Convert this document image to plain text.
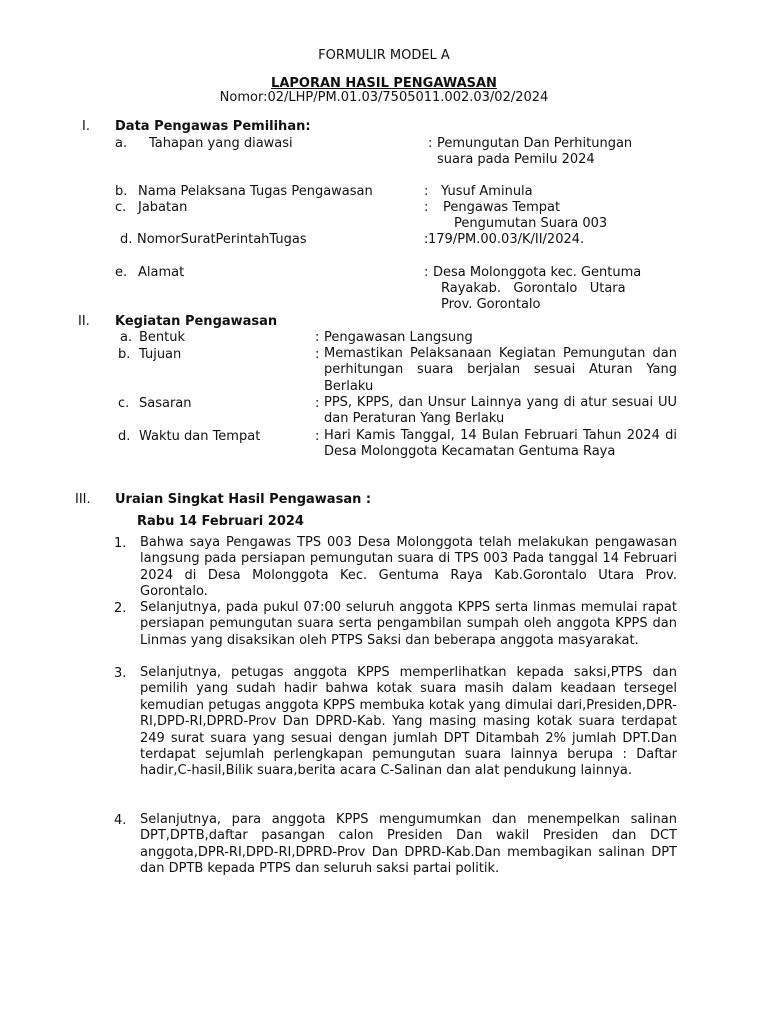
FORMULIR MODEL A
LAPORAN HASIL PENGAWASAN
Nomor:02/LHP/PM.01.03/7505011.002.03/02/2024
I. Data Pengawas Pemilihan:
a. Tahapan yang diawasi	: Pemungutan Dan Perhitungan
suara pada Pemilu 2024
b. Nama Pelaksana Tugas Pengawasan	: Yusuf Aminula
c. Jabatan	: Pengawas Tempat
Pengumutan Suara 003
d. NomorSuratPerintahTugas	: 179/PM.00.03/K/II/2024.
e. Alamat	: Desa Molonggota kec. Gentuma
Rayakab.   Gorontalo   Utara
Prov. Gorontalo
II. Kegiatan Pengawasan
a. Bentuk	: Pengawasan Langsung
b. Tujuan	: Memastikan Pelaksanaan Kegiatan Pemungutan dan perhitungan suara berjalan sesuai Aturan Yang Berlaku
c. Sasaran	: PPS, KPPS, dan Unsur Lainnya yang di atur sesuai UU dan Peraturan Yang Berlaku
d. Waktu dan Tempat	: Hari Kamis Tanggal, 14 Bulan Februari Tahun 2024 di Desa Molonggota Kecamatan Gentuma Raya
III. Uraian Singkat Hasil Pengawasan :
Rabu 14 Februari 2024
1. Bahwa saya Pengawas TPS 003 Desa Molonggota telah melakukan pengawasan langsung pada persiapan pemungutan suara di TPS 003 Pada tanggal 14 Februari 2024 di Desa Molonggota Kec. Gentuma Raya Kab.Gorontalo Utara Prov. Gorontalo.
2. Selanjutnya, pada pukul 07:00 seluruh anggota KPPS serta linmas memulai rapat persiapan pemungutan suara serta pengambilan sumpah oleh anggota KPPS dan Linmas yang disaksikan oleh PTPS Saksi dan beberapa anggota masyarakat.
3. Selanjutnya, petugas anggota KPPS memperlihatkan kepada saksi,PTPS dan pemilih yang sudah hadir bahwa kotak suara masih dalam keadaan tersegel kemudian petugas anggota KPPS membuka kotak yang dimulai dari,Presiden,DPR-RI,DPD-RI,DPRD-Prov Dan DPRD-Kab. Yang masing masing kotak suara terdapat 249 surat suara yang sesuai dengan jumlah DPT Ditambah 2% jumlah DPT.Dan terdapat sejumlah perlengkapan pemungutan suara lainnya berupa : Daftar hadir,C-hasil,Bilik suara,berita acara C-Salinan dan alat pendukung lainnya.
4. Selanjutnya, para anggota KPPS mengumumkan dan menempelkan salinan DPT,DPTB,daftar pasangan calon Presiden Dan wakil Presiden dan DCT anggota,DPR-RI,DPD-RI,DPRD-Prov Dan DPRD-Kab.Dan membagikan salinan DPT dan DPTB kepada PTPS dan seluruh saksi partai politik.
